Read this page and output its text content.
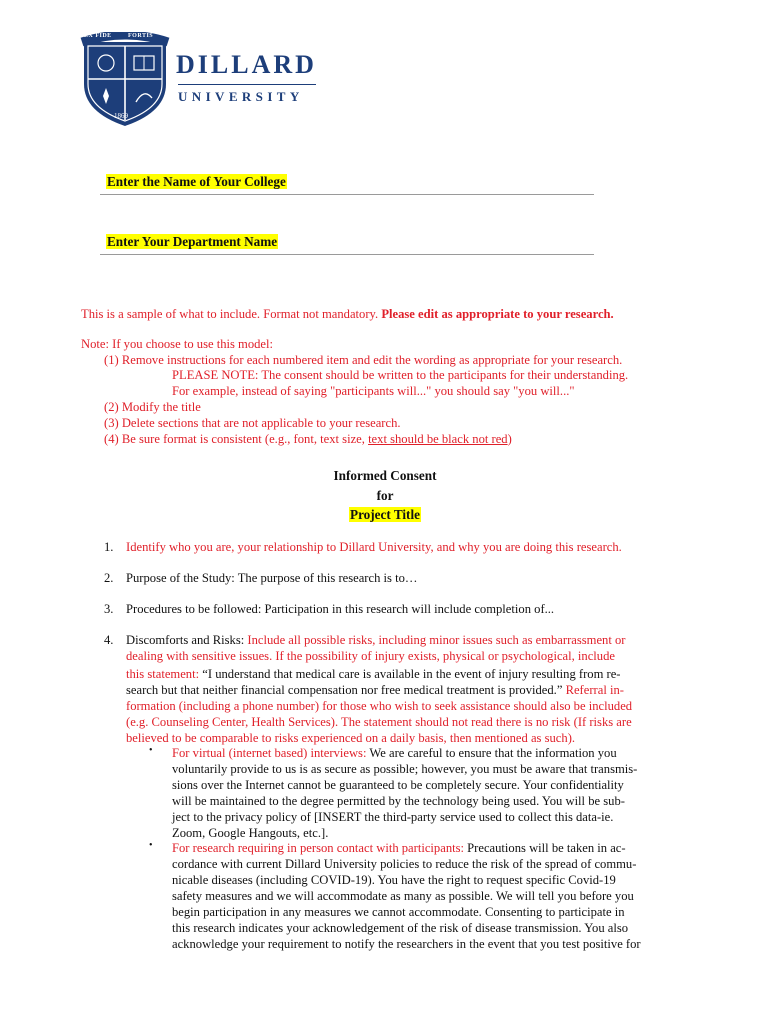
EX FIDE	FORTIS
1869
DILLARD
UNIVERSITY
Enter the Name of Your College
Enter Your Department Name
This is a sample of what to include. Format not mandatory. Please edit as appropriate to your research.
Note: If you choose to use this model:
(1) Remove instructions for each numbered item and edit the wording as appropriate for your research.
PLEASE NOTE: The consent should be written to the participants for their understanding.
For example, instead of saying "participants will..." you should say "you will..."
(2) Modify the title
(3) Delete sections that are not applicable to your research.
(4) Be sure format is consistent (e.g., font, text size, text should be black not red)
Informed Consent
for
Project Title
1. Identify who you are, your relationship to Dillard University, and why you are doing this research.
2. Purpose of the Study: The purpose of this research is to…
3. Procedures to be followed: Participation in this research will include completion of...
4. Discomforts and Risks: Include all possible risks, including minor issues such as embarrassment or
dealing with sensitive issues. If the possibility of injury exists, physical or psychological, include
this statement: “I understand that medical care is available in the event of injury resulting from re-
search but that neither financial compensation nor free medical treatment is provided.” Referral in-
formation (including a phone number) for those who wish to seek assistance should also be included
(e.g. Counseling Center, Health Services). The statement should not read there is no risk (If risks are
believed to be comparable to risks experienced on a daily basis, then mentioned as such).
• For virtual (internet based) interviews: We are careful to ensure that the information you
voluntarily provide to us is as secure as possible; however, you must be aware that transmis-
sions over the Internet cannot be guaranteed to be completely secure. Your confidentiality
will be maintained to the degree permitted by the technology being used. You will be sub-
ject to the privacy policy of [INSERT the third-party service used to collect this data-ie.
Zoom, Google Hangouts, etc.].
• For research requiring in person contact with participants: Precautions will be taken in ac-
cordance with current Dillard University policies to reduce the risk of the spread of commu-
nicable diseases (including COVID-19). You have the right to request specific Covid-19
safety measures and we will accommodate as many as possible. We will tell you before you
begin participation in any measures we cannot accommodate. Consenting to participate in
this research indicates your acknowledgement of the risk of disease transmission. You also
acknowledge your requirement to notify the researchers in the event that you test positive for
